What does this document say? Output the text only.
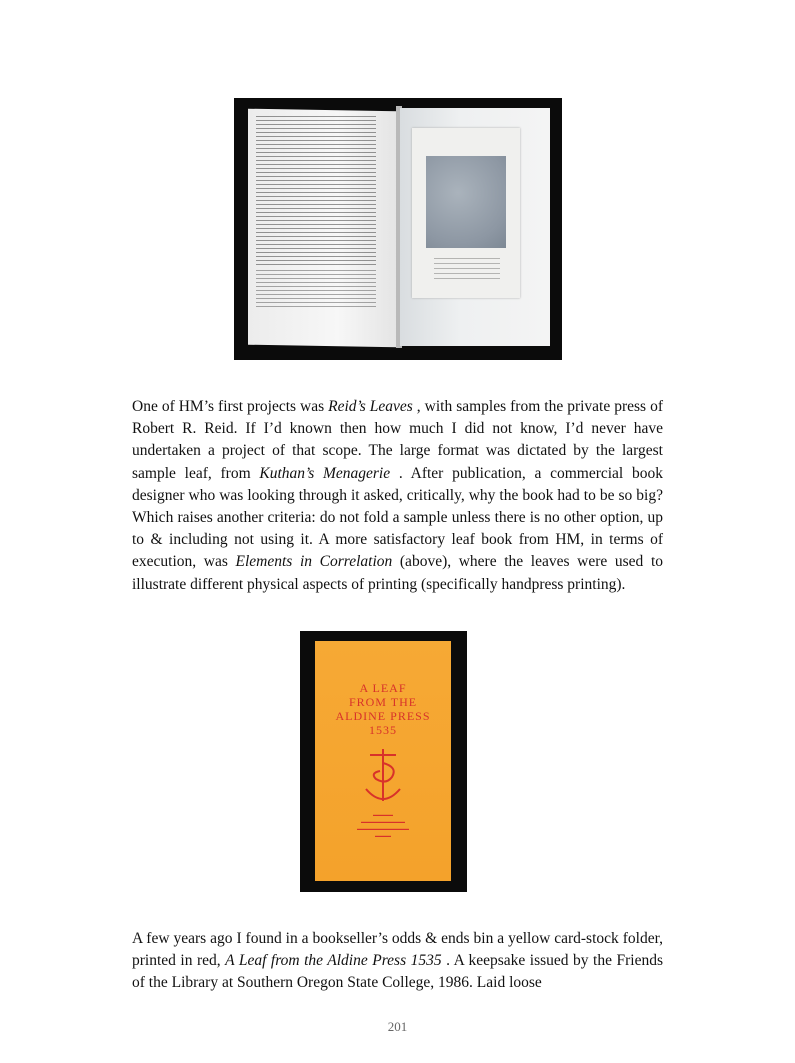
One of HM’s first projects was Reid’s Leaves , with samples from the private press of Robert R. Reid. If I’d known then how much I did not know, I’d never have undertaken a project of that scope. The large format was dictated by the largest sample leaf, from Kuthan’s Menagerie . After publication, a commercial book designer who was looking through it asked, critically, why the book had to be so big? Which raises another criteria: do not fold a sample unless there is no other option, up to & including not using it. A more satisfactory leaf book from HM, in terms of execution, was Elements in Correlation (above), where the leaves were used to illustrate different physical aspects of printing (specifically handpress printing).
A LEAF
FROM THE
ALDINE PRESS
1535
▬▬▬▬▬
▬▬▬▬▬▬▬▬▬▬▬
▬▬▬▬▬▬▬▬▬▬▬▬▬
▬▬▬▬
A few years ago I found in a bookseller’s odds & ends bin a yellow card-stock folder, printed in red, A Leaf from the Aldine Press 1535 . A keepsake issued by the Friends of the Library at Southern Oregon State College, 1986. Laid loose
201
